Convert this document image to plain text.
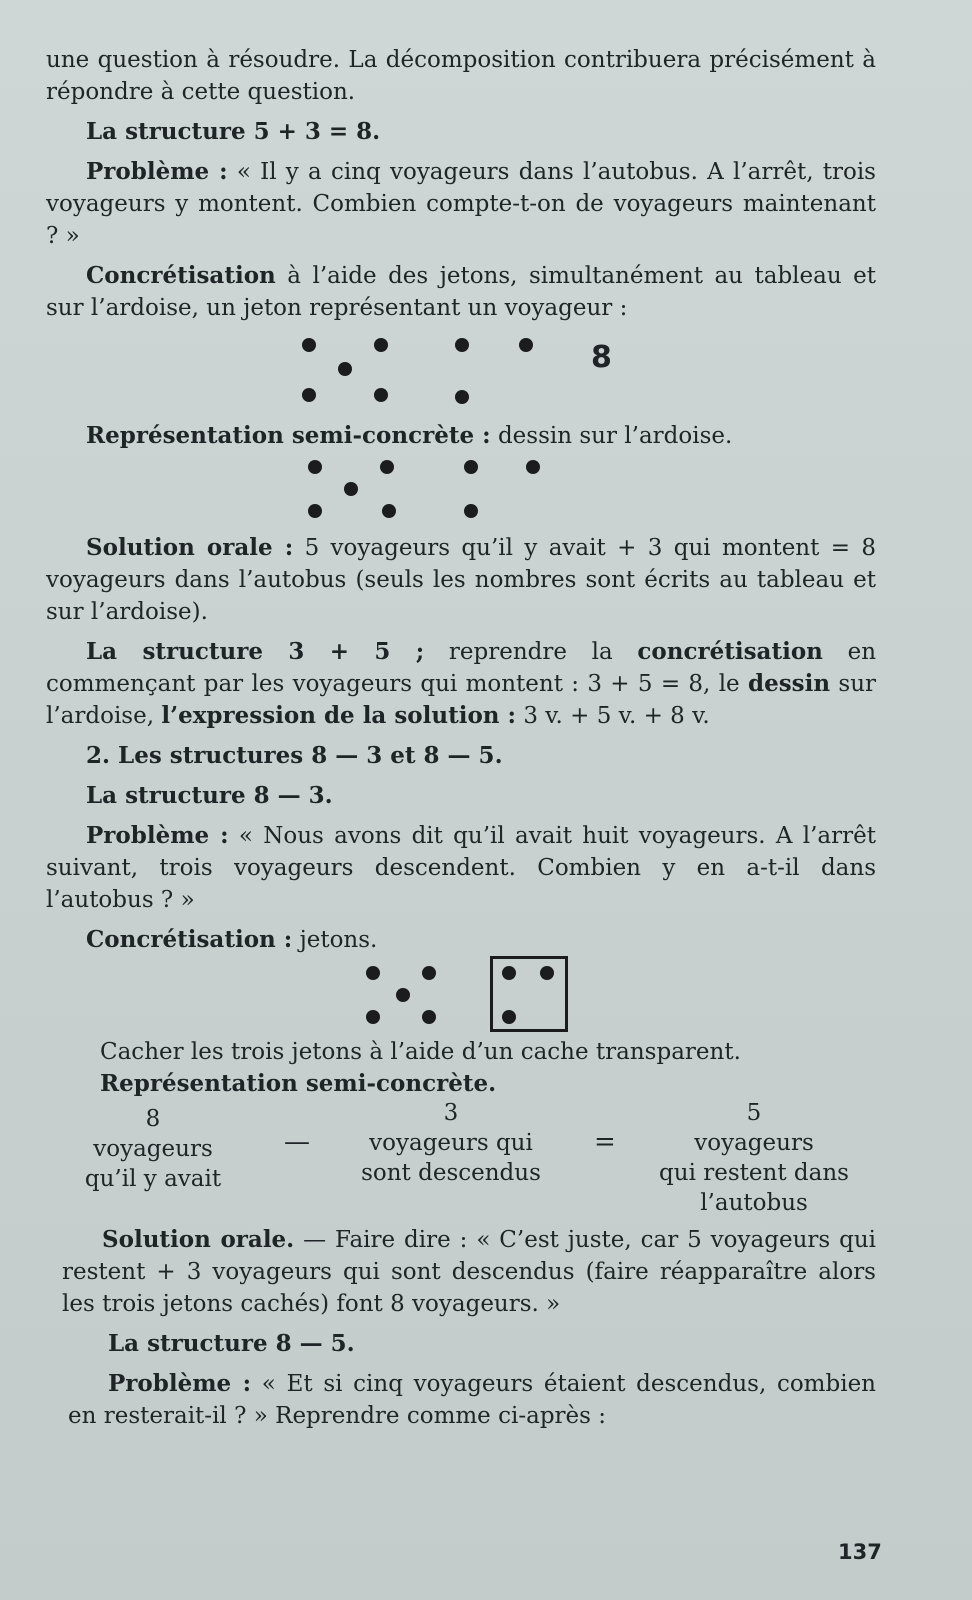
une question à résoudre. La décomposition contribuera précisément à répondre à cette question.

La structure 5 + 3 = 8.

Problème : « Il y a cinq voyageurs dans l’autobus. A l’arrêt, trois voyageurs y montent. Combien compte-t-on de voyageurs maintenant ? »

Concrétisation à l’aide des jetons, simultanément au tableau et sur l’ardoise, un jeton représentant un voyageur :

8

Représentation semi-concrète : dessin sur l’ardoise.

Solution orale : 5 voyageurs qu’il y avait + 3 qui montent = 8 voyageurs dans l’autobus (seuls les nombres sont écrits au tableau et sur l’ardoise).

La structure 3 + 5 ; reprendre la concrétisation en commençant par les voyageurs qui montent : 3 + 5 = 8, le dessin sur l’ardoise, l’expression de la solution : 3 v. + 5 v. + 8 v.

2. Les structures 8 — 3 et 8 — 5.

La structure 8 — 3.

Problème : « Nous avons dit qu’il avait huit voyageurs. A l’arrêt suivant, trois voyageurs descendent. Combien y en a-t-il dans l’autobus ? »

Concrétisation : jetons.

Cacher les trois jetons à l’aide d’un cache transparent.

Représentation semi-concrète.

8
voyageurs
qu’il y avait
—
3
voyageurs qui
sont descendus
=
5
voyageurs
qui restent dans
l’autobus

Solution orale. — Faire dire : « C’est juste, car 5 voyageurs qui restent + 3 voyageurs qui sont descendus (faire réapparaître alors les trois jetons cachés) font 8 voyageurs. »

La structure 8 — 5.

Problème : « Et si cinq voyageurs étaient descendus, combien en resterait-il ? » Reprendre comme ci-après :

137
